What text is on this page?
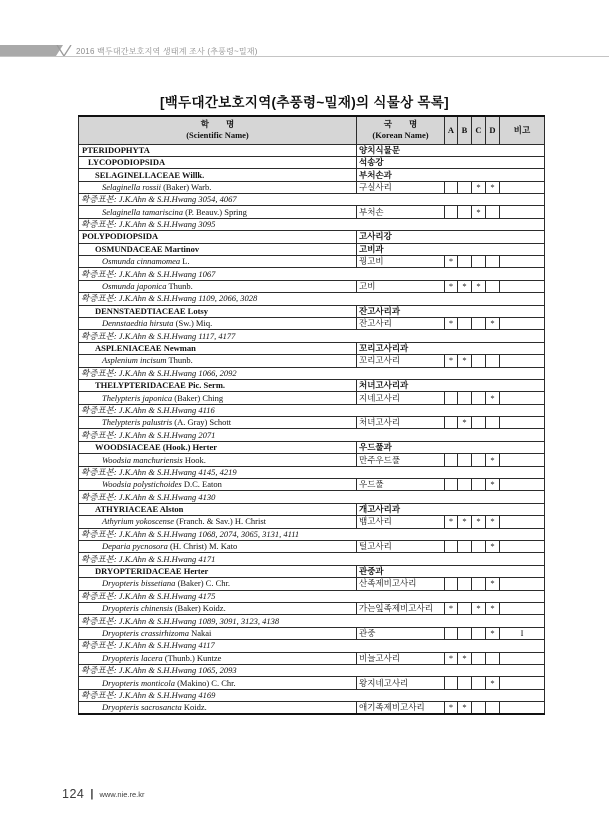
2016 백두대간보호지역 생태계 조사 (추풍령~밀재)
[백두대간보호지역(추풍령~밀재)의 식물상 목록]
학　　명
(Scientific Name)

국　　명
(Korean Name)
	A	B	C	D	비고
PTERIDOPHYTA	양치식물문					
LYCOPODIOPSIDA	석송강					
SELAGINELLACEAE Willk.	부처손과					
Selaginella rossii (Baker) Warb.	구실사리			*	*	
확증표본: J.K.Ahn & S.H.Hwang 3054, 4067						
Selaginella tamariscina (P. Beauv.) Spring	부처손			*		
확증표본: J.K.Ahn & S.H.Hwang 3095						
POLYPODIOPSIDA	고사리강					
OSMUNDACEAE Martinov	고비과					
Osmunda cinnamomea L.	꿩고비	*				
확증표본: J.K.Ahn & S.H.Hwang 1067						
Osmunda japonica Thunb.	고비	*	*	*		
확증표본: J.K.Ahn & S.H.Hwang 1109, 2066, 3028						
DENNSTAEDTIACEAE Lotsy	잔고사리과					
Dennstaedtia hirsuta (Sw.) Miq.	잔고사리	*			*	
확증표본: J.K.Ahn & S.H.Hwang 1117, 4177						
ASPLENIACEAE Newman	꼬리고사리과					
Asplenium incisum Thunb.	꼬리고사리	*	*			
확증표본: J.K.Ahn & S.H.Hwang 1066, 2092						
THELYPTERIDACEAE Pic. Serm.	처녀고사리과					
Thelypteris japonica (Baker) Ching	지네고사리				*	
확증표본: J.K.Ahn & S.H.Hwang 4116						
Thelypteris palustris (A. Gray) Schott	처녀고사리		*			
확증표본: J.K.Ahn & S.H.Hwang 2071						
WOODSIACEAE (Hook.) Herter	우드풀과					
Woodsia manchuriensis Hook.	만주우드풀				*	
확증표본: J.K.Ahn & S.H.Hwang 4145, 4219						
Woodsia polystichoides D.C. Eaton	우드풀				*	
확증표본: J.K.Ahn & S.H.Hwang 4130						
ATHYRIACEAE Alston	개고사리과					
Athyrium yokoscense (Franch. & Sav.) H. Christ	뱀고사리	*	*	*	*	
확증표본: J.K.Ahn & S.H.Hwang 1068, 2074, 3065, 3131, 4111						
Deparia pycnosora (H. Christ) M. Kato	털고사리				*	
확증표본: J.K.Ahn & S.H.Hwang 4171						
DRYOPTERIDACEAE Herter	관중과					
Dryopteris bissetiana (Baker) C. Chr.	산족제비고사리				*	
확증표본: J.K.Ahn & S.H.Hwang 4175						
Dryopteris chinensis (Baker) Koidz.	가는잎족제비고사리	*		*	*	
확증표본: J.K.Ahn & S.H.Hwang 1089, 3091, 3123, 4138						
Dryopteris crassirhizoma Nakai	관중				*	I
확증표본: J.K.Ahn & S.H.Hwang 4117						
Dryopteris lacera (Thunb.) Kuntze	비늘고사리	*	*			
확증표본: J.K.Ahn & S.H.Hwang 1065, 2093						
Dryopteris monticola (Makino) C. Chr.	왕지네고사리				*	
확증표본: J.K.Ahn & S.H.Hwang 4169						
Dryopteris sacrosancta Koidz.	애기족제비고사리	*	*			
124 | www.nie.re.kr
